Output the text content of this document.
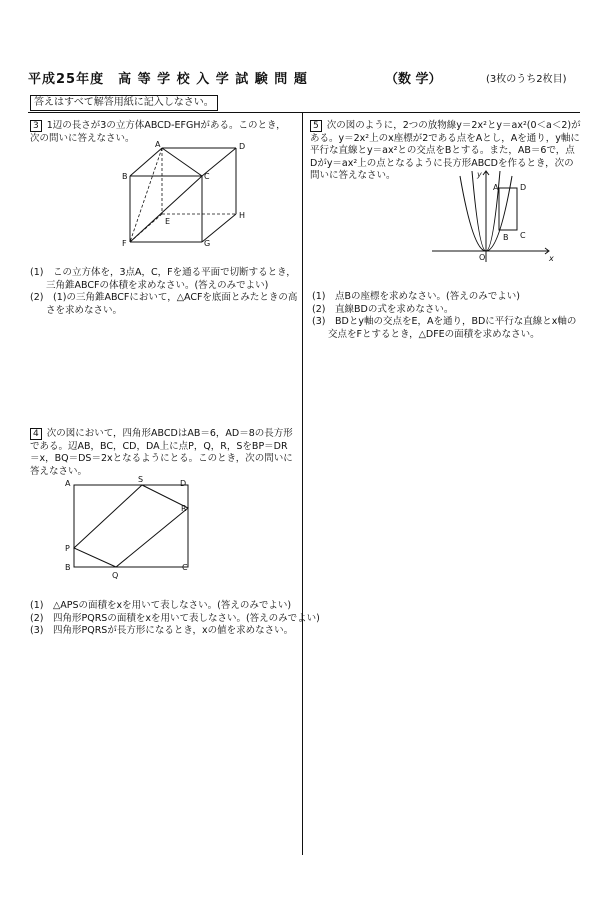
平成25年度　高 等 学 校 入 学 試 験 問 題	（数 学）	(3枚のうち2枚目)
答えはすべて解答用紙に記入しなさい。
3 1辺の長さが3の立方体ABCD-EFGHがある。このとき，次の問いに答えなさい。
A	D
B	C
E
H
F	G
(1)　 この立方体を，3点A，C，Fを通る平面で切断するとき，三角錐ABCFの体積を求めなさい。(答えのみでよい)
(2)　 (1)の三角錐ABCFにおいて，△ACFを底面とみたときの高さを求めなさい。
4 次の図において，四角形ABCDはAB＝6，AD＝8の長方形である。辺AB，BC，CD，DA上に点P，Q，R，SをBP＝DR＝x，BQ＝DS＝2xとなるようにとる。このとき，次の問いに答えなさい。
A	D
S
R
P
B
Q
C
(1)　 △APSの面積をxを用いて表しなさい。(答えのみでよい)
(2)　 四角形PQRSの面積をxを用いて表しなさい。(答えのみでよい)
(3)　 四角形PQRSが長方形になるとき，xの値を求めなさい。
5 次の図のように，2つの放物線y＝2x²とy＝ax²(0＜a＜2)がある。y＝2x²上のx座標が2である点をAとし，Aを通り，y軸に平行な直線とy＝ax²との交点をBとする。また，AB＝6で，点Dがy＝ax²上の点となるように長方形ABCDを作るとき，次の問いに答えなさい。	y
x
O
A	D
B C
(1)　 点Bの座標を求めなさい。(答えのみでよい)
(2)　 直線BDの式を求めなさい。
(3)　 BDとy軸の交点をE，Aを通り，BDに平行な直線とx軸の交点をFとするとき，△DFEの面積を求めなさい。
